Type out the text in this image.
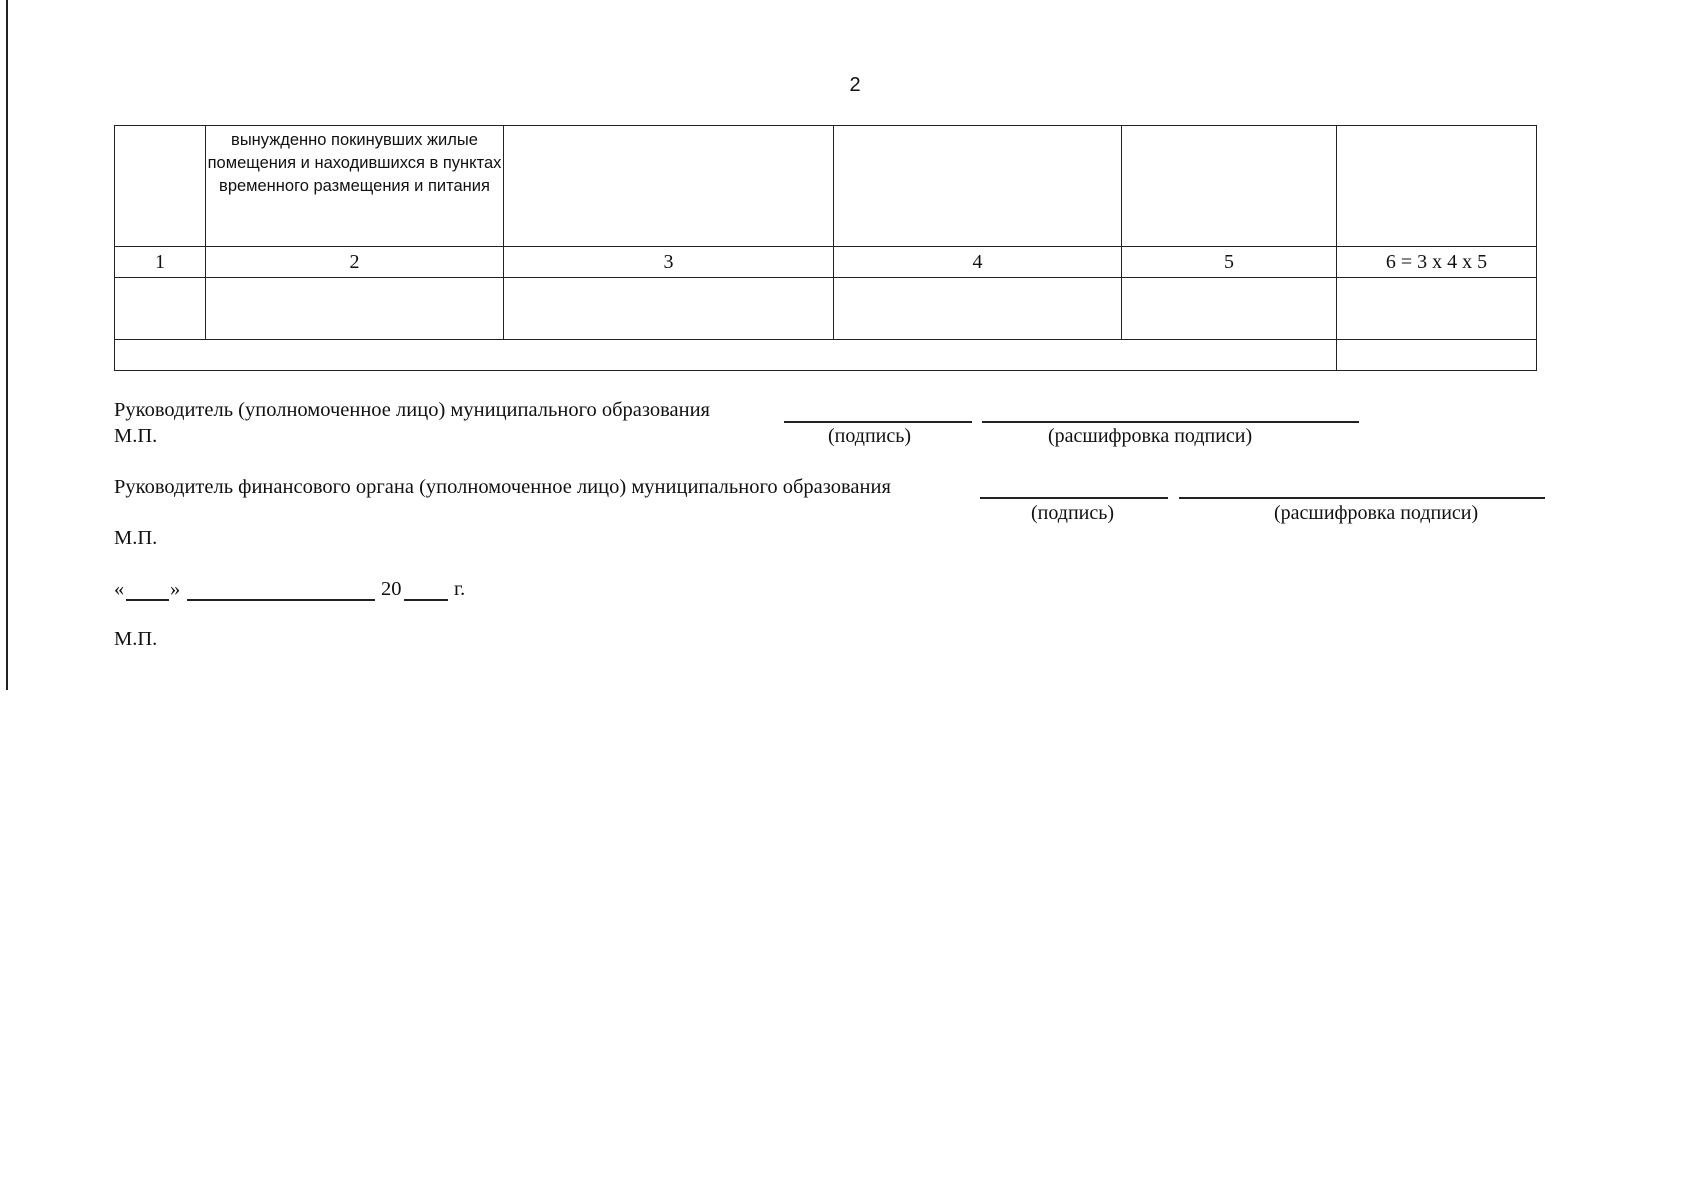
2
	вынужденно покинувших жилые помещения и находившихся в пунктах временного размещения и питания				
1	2	3	4	5	6 = 3 х 4 х 5

Руководитель (уполномоченное лицо) муниципального образования
М.П.	(подпись)	(расшифровка подписи)
Руководитель финансового органа (уполномоченное лицо) муниципального образования
(подпись)	(расшифровка подписи)
М.П.
« »	20	г.
М.П.
